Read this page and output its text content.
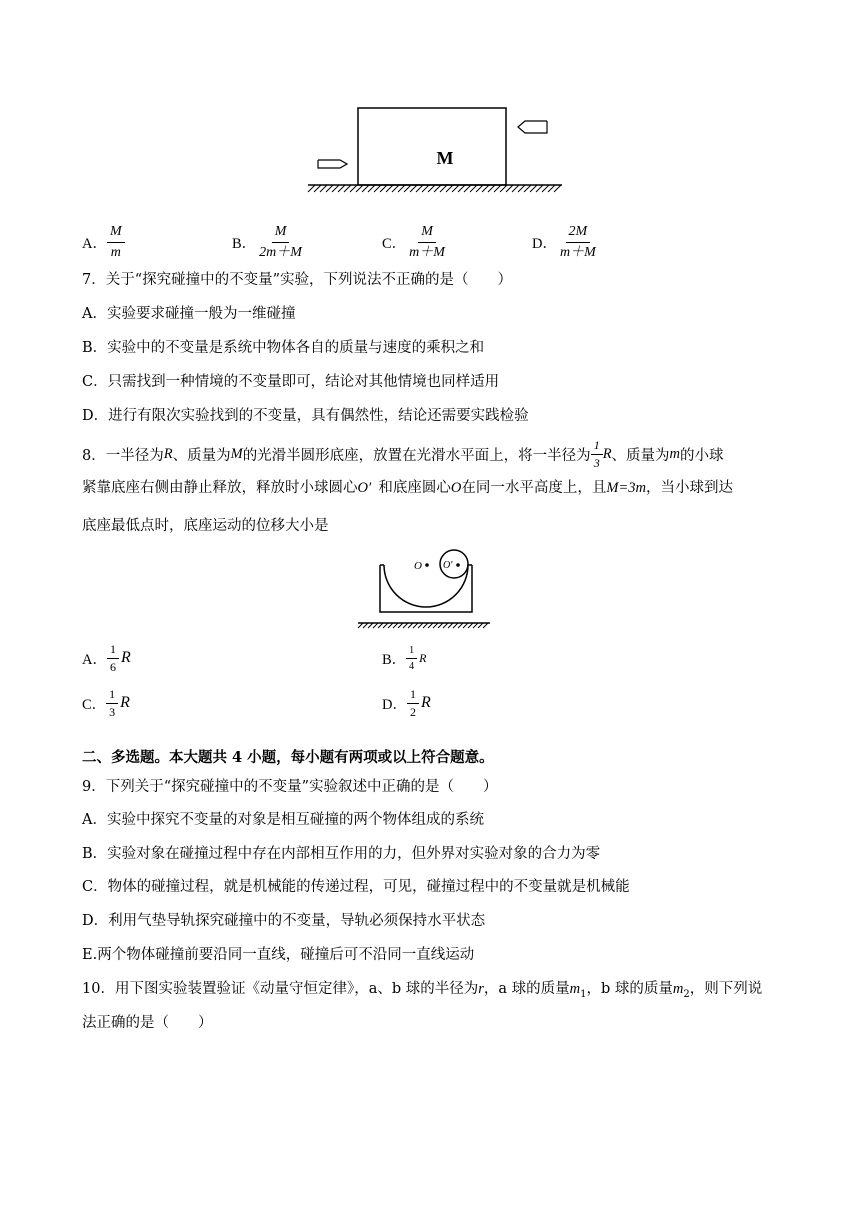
M
A． $\frac{M}{m}$	B． $\frac{M}{2m+M}$	C． $\frac{M}{m+M}$	D． $\frac{2M}{m+M}$
7．关于“探究碰撞中的不变量”实验，下列说法不正确的是（　　）
A．实验要求碰撞一般为一维碰撞
B．实验中的不变量是系统中物体各自的质量与速度的乘积之和
C．只需找到一种情境的不变量即可，结论对其他情境也同样适用
D．进行有限次实验找到的不变量，具有偶然性，结论还需要实践检验
8．一半径为 R 、质量为 M 的光滑半圆形底座，放置在光滑水平面上，将一半径为 $\frac{1}{3}$ R 、质量为 m 的小球
紧靠底座右侧由静止释放，释放时小球圆心O′  和底座圆心O在同一水平高度上，且M=3m，当小球到达
底座最低点时，底座运动的位移大小是
O O′
A． $\frac{1}{6}$ R	B． $\frac{1}{4}$ R
C． $\frac{1}{3}$ R	D． $\frac{1}{2}$ R
二、多选题。本大题共 4 小题，每小题有两项或以上符合题意。
9．下列关于“探究碰撞中的不变量”实验叙述中正确的是（　　）
A．实验中探究不变量的对象是相互碰撞的两个物体组成的系统
B．实验对象在碰撞过程中存在内部相互作用的力，但外界对实验对象的合力为零
C．物体的碰撞过程，就是机械能的传递过程，可见，碰撞过程中的不变量就是机械能
D．利用气垫导轨探究碰撞中的不变量，导轨必须保持水平状态
E.两个物体碰撞前要沿同一直线，碰撞后可不沿同一直线运动
10．用下图实验装置验证《动量守恒定律》，a、b 球的半径为r，a 球的质量$m_1$，b 球的质量$m_2$，则下列说
法正确的是（　　）
